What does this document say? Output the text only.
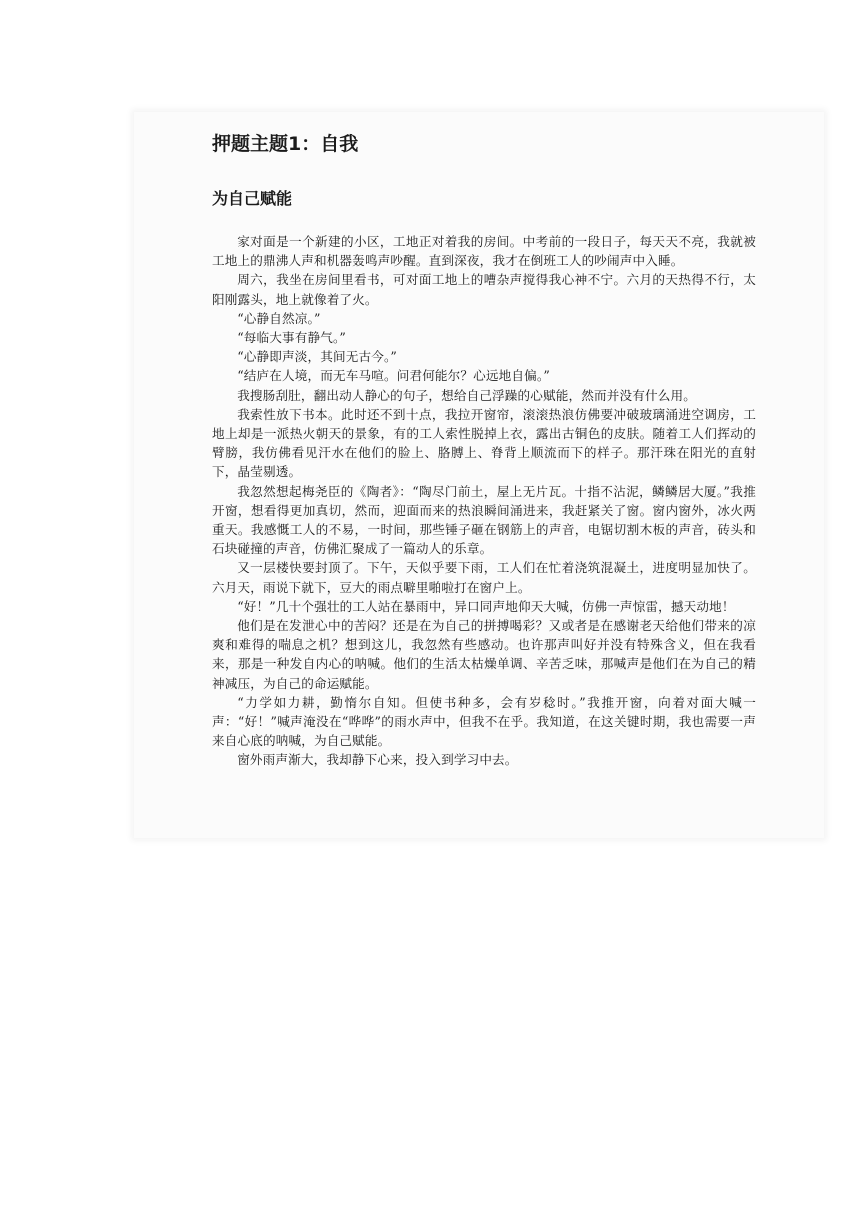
押题主题1：自我
为自己赋能

家对面是一个新建的小区，工地正对着我的房间。中考前的一段日子，每天天不亮，我就被工地上的鼎沸人声和机器轰鸣声吵醒。直到深夜，我才在倒班工人的吵闹声中入睡。

周六，我坐在房间里看书，可对面工地上的嘈杂声搅得我心神不宁。六月的天热得不行，太阳刚露头，地上就像着了火。

“心静自然凉。”

“每临大事有静气。”

“心静即声淡，其间无古今。”

“结庐在人境，而无车马喧。问君何能尔？心远地自偏。”

我搜肠刮肚，翻出动人静心的句子，想给自己浮躁的心赋能，然而并没有什么用。

我索性放下书本。此时还不到十点，我拉开窗帘，滚滚热浪仿佛要冲破玻璃涌进空调房，工地上却是一派热火朝天的景象，有的工人索性脱掉上衣，露出古铜色的皮肤。随着工人们挥动的臂膀，我仿佛看见汗水在他们的脸上、胳膊上、脊背上顺流而下的样子。那汗珠在阳光的直射下，晶莹剔透。

我忽然想起梅尧臣的《陶者》：“陶尽门前土，屋上无片瓦。十指不沾泥，鳞鳞居大厦。”我推开窗，想看得更加真切，然而，迎面而来的热浪瞬间涌进来，我赶紧关了窗。窗内窗外，冰火两重天。我感慨工人的不易，一时间，那些锤子砸在钢筋上的声音，电锯切割木板的声音，砖头和石块碰撞的声音，仿佛汇聚成了一篇动人的乐章。

又一层楼快要封顶了。下午，天似乎要下雨，工人们在忙着浇筑混凝土，进度明显加快了。六月天，雨说下就下，豆大的雨点噼里啪啦打在窗户上。

“好！”几十个强壮的工人站在暴雨中，异口同声地仰天大喊，仿佛一声惊雷，撼天动地！

他们是在发泄心中的苦闷？还是在为自己的拼搏喝彩？又或者是在感谢老天给他们带来的凉爽和难得的喘息之机？想到这儿，我忽然有些感动。也许那声叫好并没有特殊含义，但在我看来，那是一种发自内心的呐喊。他们的生活太枯燥单调、辛苦乏味，那喊声是他们在为自己的精神减压，为自己的命运赋能。

“力学如力耕，勤惰尔自知。但使书种多，会有岁稔时。”我推开窗，向着对面大喊一声：“好！”喊声淹没在“哗哗”的雨水声中，但我不在乎。我知道，在这关键时期，我也需要一声来自心底的呐喊，为自己赋能。

窗外雨声渐大，我却静下心来，投入到学习中去。
